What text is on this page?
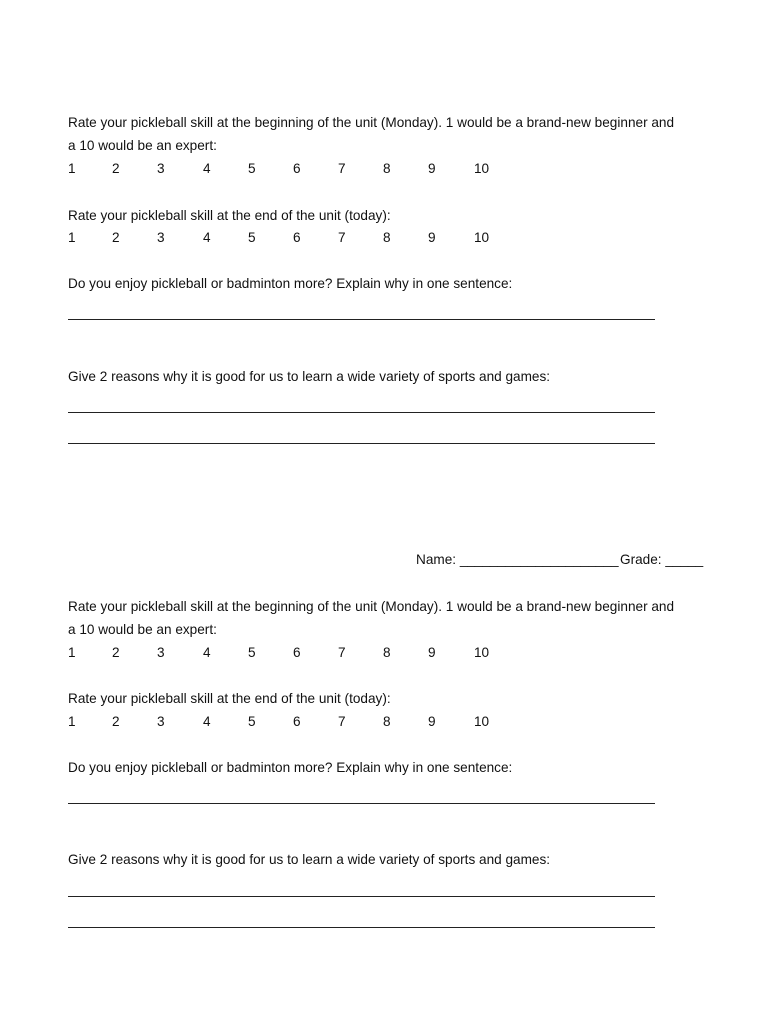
Rate your pickleball skill at the beginning of the unit (Monday). 1 would be a brand-new beginner and
a 10 would be an expert:
1	2	3	4	5	6	7	8	9	10
Rate your pickleball skill at the end of the unit (today):
1	2	3	4	5	6	7	8	9	10
Do you enjoy pickleball or badminton more? Explain why in one sentence:
Give 2 reasons why it is good for us to learn a wide variety of sports and games:
Name: _____________________ Grade: _____
Rate your pickleball skill at the beginning of the unit (Monday). 1 would be a brand-new beginner and
a 10 would be an expert:
1	2	3	4	5	6	7	8	9	10
Rate your pickleball skill at the end of the unit (today):
1	2	3	4	5	6	7	8	9	10
Do you enjoy pickleball or badminton more? Explain why in one sentence:
Give 2 reasons why it is good for us to learn a wide variety of sports and games:
